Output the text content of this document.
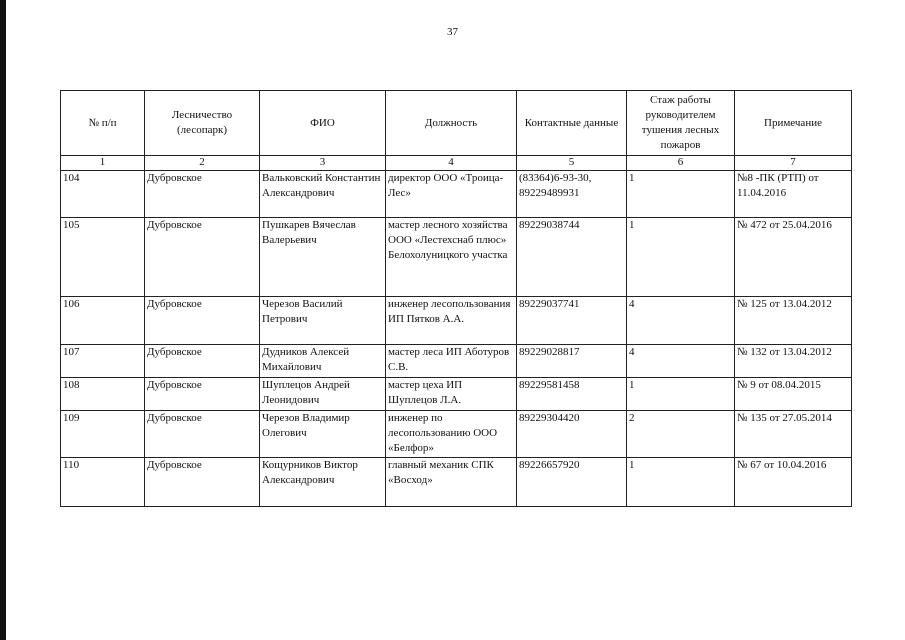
37
№ п/п	Лесничество (лесопарк)	ФИО	Должность	Контактные данные	Стаж работы руководителем тушения лесных пожаров	Примечание
1	2	3	4	5	6	7
104	Дубровское	Вальковский Константин Александрович	директор ООО «Троица-Лес»	(83364)6-93-30, 89229489931	1	№8 -ПК (РТП) от 11.04.2016
105	Дубровское	Пушкарев Вячеслав Валерьевич	мастер лесного хозяйства ООО «Лестехснаб плюс» Белохолуницкого участка	89229038744	1	№ 472 от 25.04.2016
106	Дубровское	Черезов Василий Петрович	инженер лесопользования ИП Пятков А.А.	89229037741	4	№ 125 от 13.04.2012
107	Дубровское	Дудников Алексей Михайлович	мастер леса ИП Аботуров С.В.	89229028817	4	№ 132 от 13.04.2012
108	Дубровское	Шуплецов Андрей Леонидович	мастер цеха ИП Шуплецов Л.А.	89229581458	1	№ 9 от 08.04.2015
109	Дубровское	Черезов Владимир Олегович	инженер по лесопользованию ООО «Белфор»	89229304420	2	№ 135 от 27.05.2014
110	Дубровское	Кощурников Виктор Александрович	главный механик СПК «Восход»	89226657920	1	№ 67 от 10.04.2016
